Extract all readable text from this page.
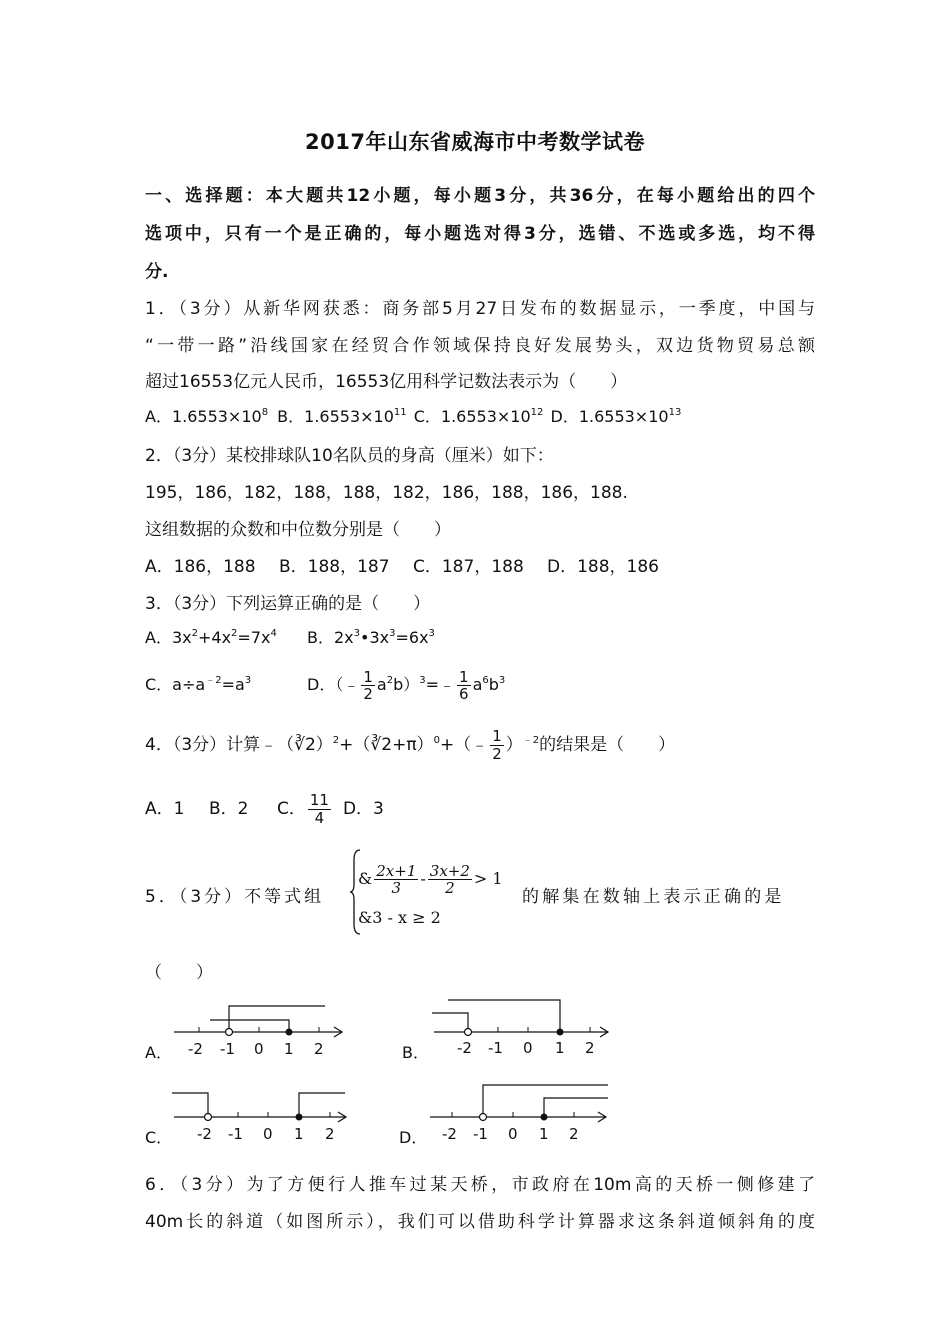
2017年山东省威海市中考数学试卷
一、选择题：本大题共12小题，每小题3分，共36分，在每小题给出的四个
选项中，只有一个是正确的，每小题选对得3分，选错、不选或多选，均不得
分.
1．（3分）从新华网获悉：商务部5月27日发布的数据显示，一季度，中国与
“一带一路”沿线国家在经贸合作领域保持良好发展势头，双边货物贸易总额
超过16553亿元人民币，16553亿用科学记数法表示为（　　）
A．$1.6553\times 10^8$ B．$1.6553\times 10^{11}$ C．$1.6553\times 10^{12}$ D．$1.6553\times 10^{13}$
2．（3分）某校排球队10名队员的身高（厘米）如下：
195，186，182，188，188，182，186，188，186，188.
这组数据的众数和中位数分别是（　　）
A．186，188 B．188，187 C．187，188 D．188，186
3．（3分）下列运算正确的是（　　）
A．$3x^2+4x^2=7x^4$ B．$2x^3•3x^3=6x^3$
C．$a\div a^{﹣2}=a^3$	D．（﹣ $\frac{1}{2}$ $a^2b)^3=﹣ \frac{1}{6} a^6b^3$
4．（3分）计算﹣（∛2）$^2$+（∛2+π）$^0$+（﹣ $\frac{1}{2} )^{﹣2}$的结果是（　　）
A．1 B．2 C． $\frac{11}{4}$ D．3
5．（3分）不等式组
& $\frac{2x+1}{3} - \frac{3x+2}{2} > 1$
&3 - x ≥ 2
的解集在数轴上表示正确的是
（　　）
A． -2 -1 0 1 2	B． -2 -1 0 1 2
C． -2 -1 0 1 2	D． -2 -1 0 1 2
6．（3分）为了方便行人推车过某天桥，市政府在10m高的天桥一侧修建了
40m长的斜道（如图所示），我们可以借助科学计算器求这条斜道倾斜角的度
